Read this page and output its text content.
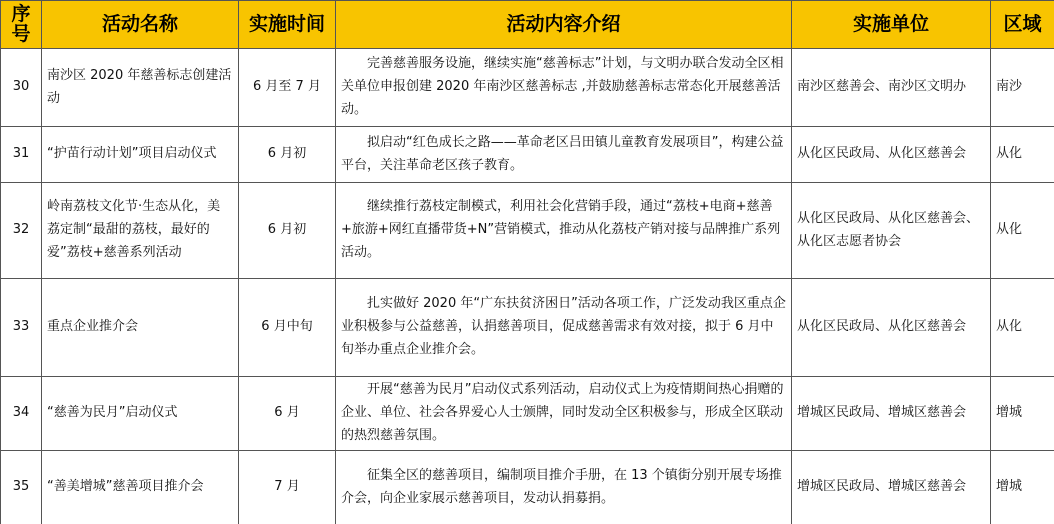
序号	活动名称	实施时间	活动内容介绍	实施单位	区域
30	南沙区 2020 年慈善标志创建活动	6 月至 7 月	完善慈善服务设施，继续实施“慈善标志”计划，与文明办联合发动全区相关单位申报创建 2020 年南沙区慈善标志 ,并鼓励慈善标志常态化开展慈善活动。	南沙区慈善会、南沙区文明办	南沙
31	“护苗行动计划”项目启动仪式	6 月初	拟启动“红色成长之路——革命老区吕田镇儿童教育发展项目”，构建公益平台，关注革命老区孩子教育。	从化区民政局、从化区慈善会	从化
32	岭南荔枝文化节·生态从化，美荔定制“最甜的荔枝，最好的爱”荔枝+慈善系列活动	6 月初	继续推行荔枝定制模式，利用社会化营销手段，通过“荔枝+电商+慈善+旅游+网红直播带货+N”营销模式，推动从化荔枝产销对接与品牌推广系列活动。	从化区民政局、从化区慈善会、从化区志愿者协会	从化
33	重点企业推介会	6 月中旬	扎实做好 2020 年“广东扶贫济困日”活动各项工作，广泛发动我区重点企业积极参与公益慈善，认捐慈善项目，促成慈善需求有效对接，拟于 6 月中旬举办重点企业推介会。	从化区民政局、从化区慈善会	从化
34	“慈善为民月”启动仪式	6 月	开展“慈善为民月”启动仪式系列活动，启动仪式上为疫情期间热心捐赠的企业、单位、社会各界爱心人士颁牌，同时发动全区积极参与，形成全区联动的热烈慈善氛围。	增城区民政局、增城区慈善会	增城
35	“善美增城”慈善项目推介会	7 月	征集全区的慈善项目，编制项目推介手册，在 13 个镇街分别开展专场推介会，向企业家展示慈善项目，发动认捐募捐。	增城区民政局、增城区慈善会	增城
